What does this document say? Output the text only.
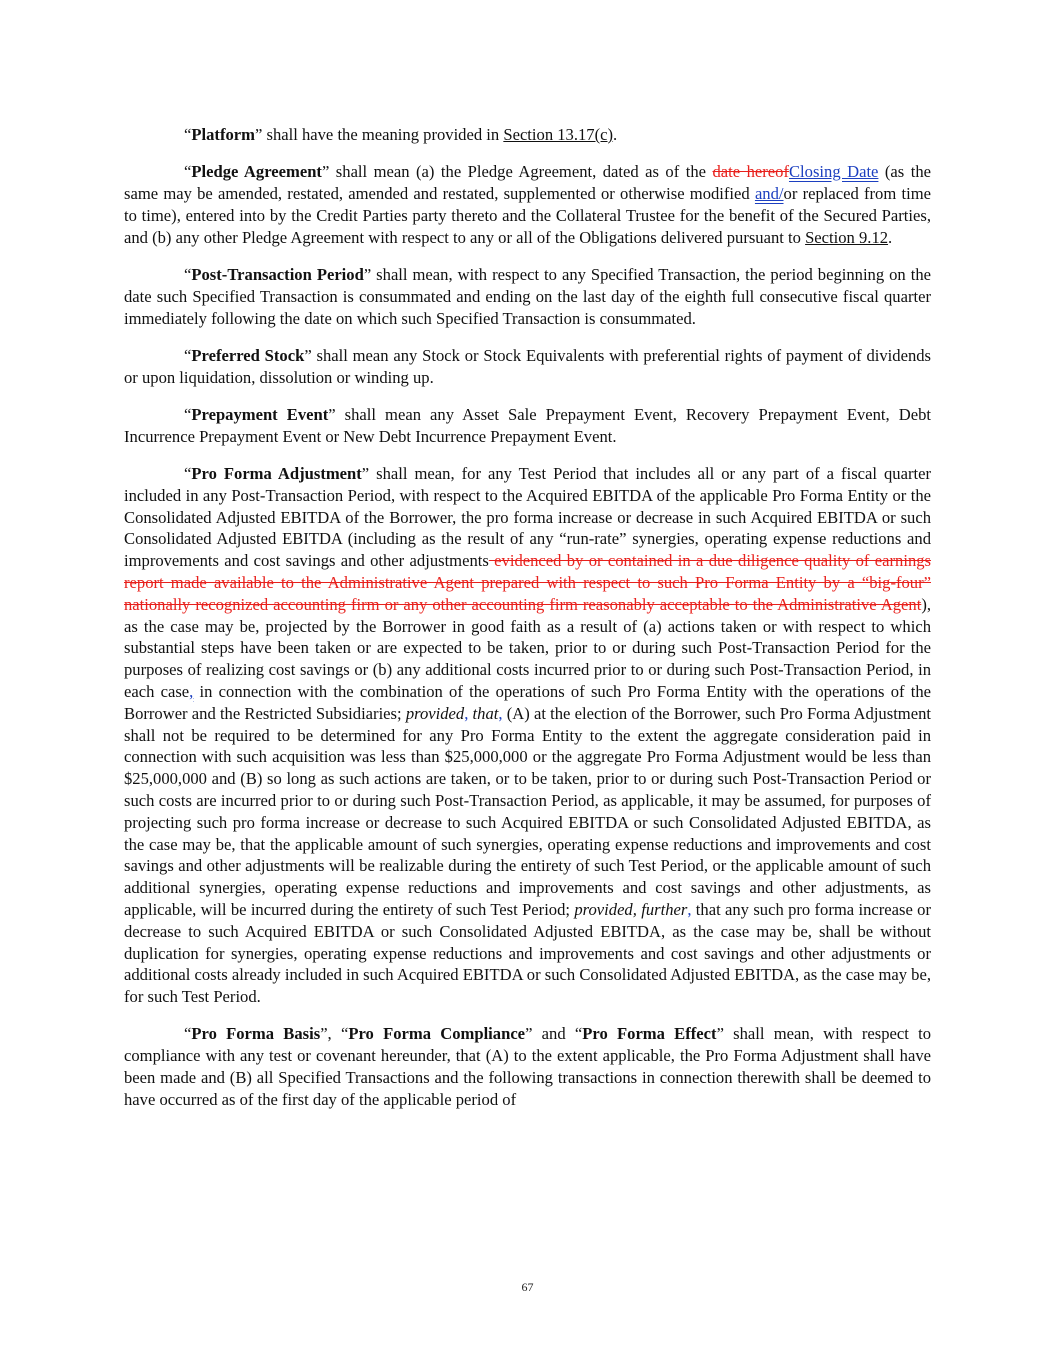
“Platform” shall have the meaning provided in Section 13.17(c).

“Pledge Agreement” shall mean (a) the Pledge Agreement, dated as of the date hereofClosing Date (as the same may be amended, restated, amended and restated, supplemented or otherwise modified and/or replaced from time to time), entered into by the Credit Parties party thereto and the Collateral Trustee for the benefit of the Secured Parties, and (b) any other Pledge Agreement with respect to any or all of the Obligations delivered pursuant to Section 9.12.

“Post-Transaction Period” shall mean, with respect to any Specified Transaction, the period beginning on the date such Specified Transaction is consummated and ending on the last day of the eighth full consecutive fiscal quarter immediately following the date on which such Specified Transaction is consummated.

“Preferred Stock” shall mean any Stock or Stock Equivalents with preferential rights of payment of dividends or upon liquidation, dissolution or winding up.

“Prepayment Event” shall mean any Asset Sale Prepayment Event, Recovery Prepayment Event, Debt Incurrence Prepayment Event or New Debt Incurrence Prepayment Event.

“Pro Forma Adjustment” shall mean, for any Test Period that includes all or any part of a fiscal quarter included in any Post-Transaction Period, with respect to the Acquired EBITDA of the applicable Pro Forma Entity or the Consolidated Adjusted EBITDA of the Borrower, the pro forma increase or decrease in such Acquired EBITDA or such Consolidated Adjusted EBITDA (including as the result of any “run-rate” synergies, operating expense reductions and improvements and cost savings and other adjustments evidenced by or contained in a due diligence quality of earnings report made available to the Administrative Agent prepared with respect to such Pro Forma Entity by a “big-four” nationally recognized accounting firm or any other accounting firm reasonably acceptable to the Administrative Agent), as the case may be, projected by the Borrower in good faith as a result of (a) actions taken or with respect to which substantial steps have been taken or are expected to be taken, prior to or during such Post-Transaction Period for the purposes of realizing cost savings or (b) any additional costs incurred prior to or during such Post-Transaction Period, in each case, in connection with the combination of the operations of such Pro Forma Entity with the operations of the Borrower and the Restricted Subsidiaries; provided, that, (A) at the election of the Borrower, such Pro Forma Adjustment shall not be required to be determined for any Pro Forma Entity to the extent the aggregate consideration paid in connection with such acquisition was less than $25,000,000 or the aggregate Pro Forma Adjustment would be less than $25,000,000 and (B) so long as such actions are taken, or to be taken, prior to or during such Post-Transaction Period or such costs are incurred prior to or during such Post-Transaction Period, as applicable, it may be assumed, for purposes of projecting such pro forma increase or decrease to such Acquired EBITDA or such Consolidated Adjusted EBITDA, as the case may be, that the applicable amount of such synergies, operating expense reductions and improvements and cost savings and other adjustments will be realizable during the entirety of such Test Period, or the applicable amount of such additional synergies, operating expense reductions and improvements and cost savings and other adjustments, as applicable, will be incurred during the entirety of such Test Period; provided, further, that any such pro forma increase or decrease to such Acquired EBITDA or such Consolidated Adjusted EBITDA, as the case may be, shall be without duplication for synergies, operating expense reductions and improvements and cost savings and other adjustments or additional costs already included in such Acquired EBITDA or such Consolidated Adjusted EBITDA, as the case may be, for such Test Period.

“Pro Forma Basis”, “Pro Forma Compliance” and “Pro Forma Effect” shall mean, with respect to compliance with any test or covenant hereunder, that (A) to the extent applicable, the Pro Forma Adjustment shall have been made and (B) all Specified Transactions and the following transactions in connection therewith shall be deemed to have occurred as of the first day of the applicable period of

67
